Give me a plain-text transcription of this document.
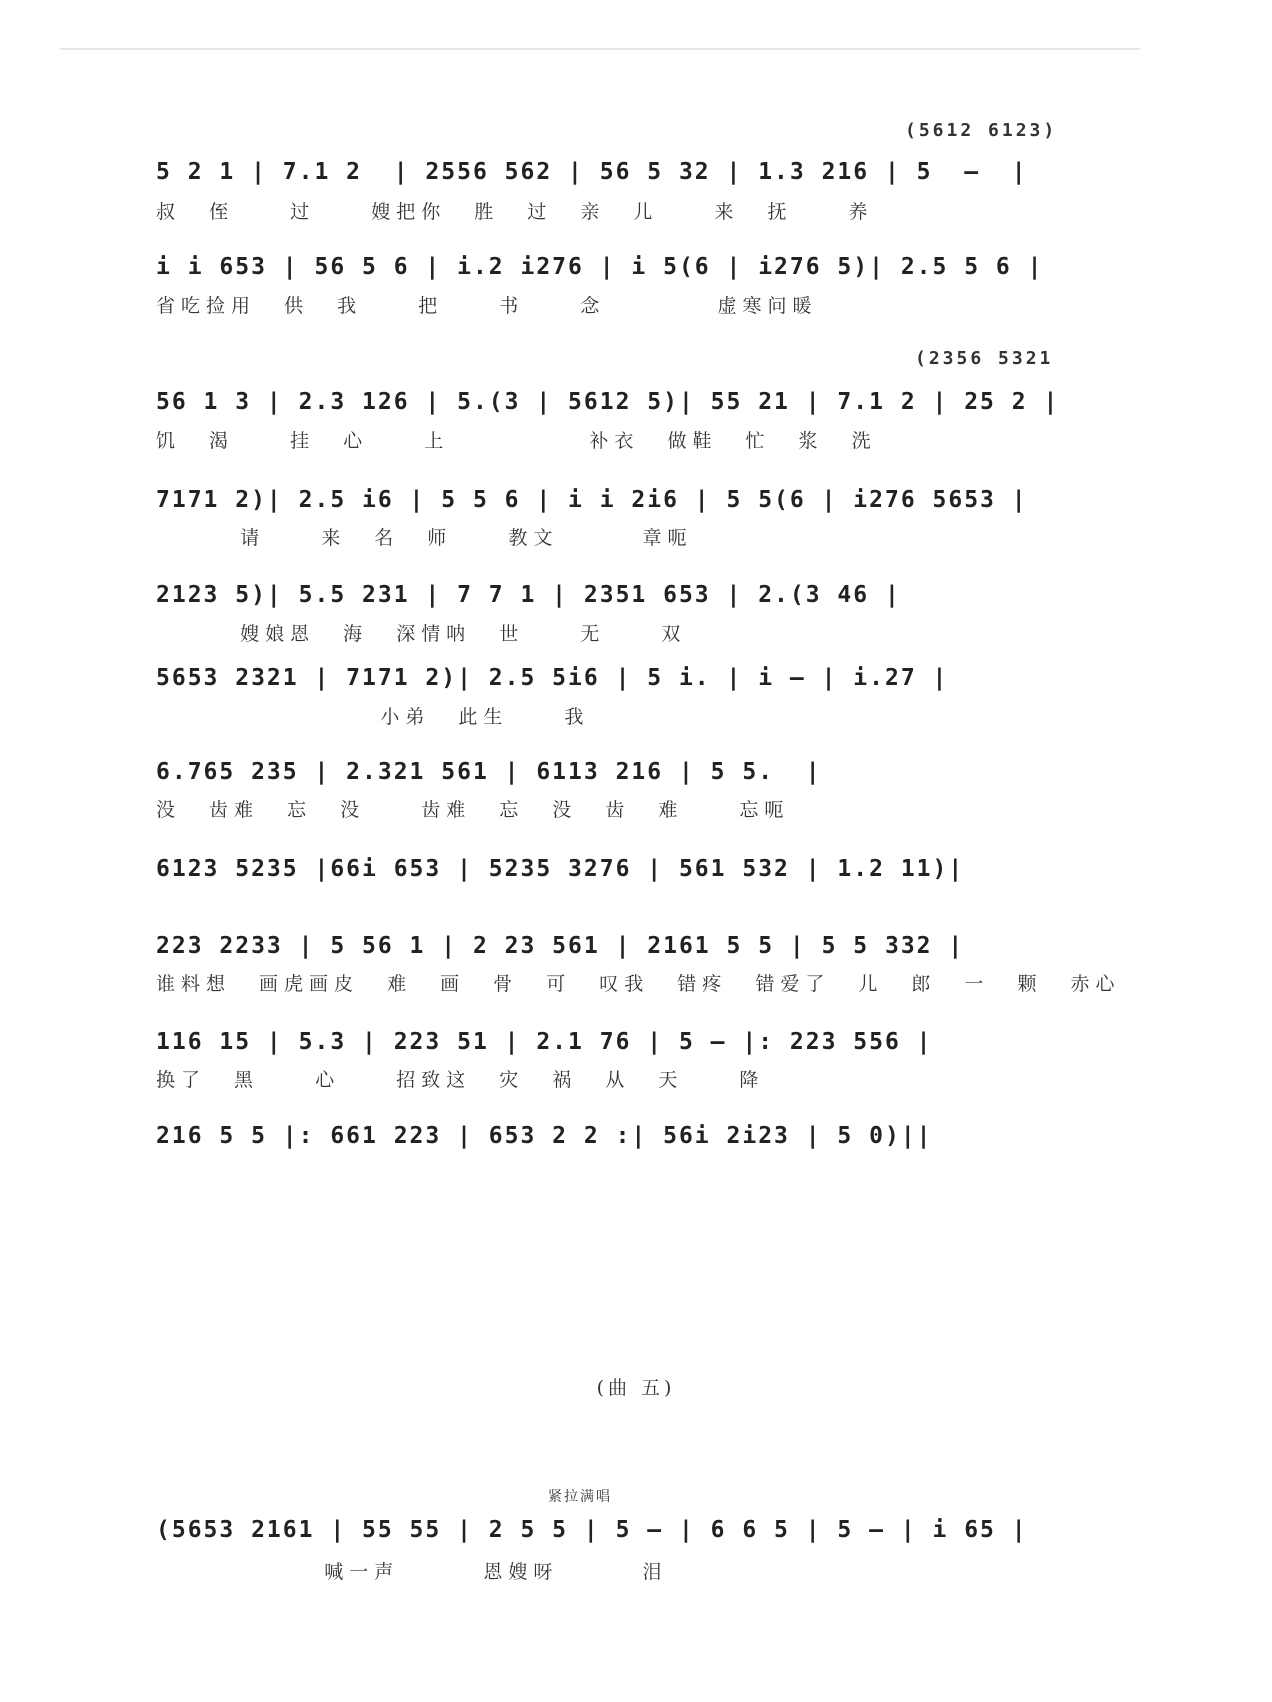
(5612 6123)
5 2 1 | 7.1 2  | 2556 562 | 56 5 32 | 1.3 216 | 5  —  |
叔 侄  过  嫂把你 胜 过 亲 儿  来 抚  养
i i 653 | 56 5 6 | i.2 i276 | i 5(6 | i276 5)| 2.5 5 6 |
省吃捡用 供 我  把  书  念    虚寒问暖
(2356 5321
56 1 3 | 2.3 126 | 5.(3 | 5612 5)| 55 21 | 7.1 2 | 25 2 |
饥 渴  挂 心  上     补衣 做鞋 忙 浆 洗
7171 2)| 2.5 i6 | 5 5 6 | i i 2i6 | 5 5(6 | i276 5653 |
请  来 名 师  教文   章呃
2123 5)| 5.5 231 | 7 7 1 | 2351 653 | 2.(3 46 |
嫂娘恩 海 深情呐 世  无  双
5653 2321 | 7171 2)| 2.5 5i6 | 5 i. | i — | i.27 |
小弟 此生  我
6.765 235 | 2.321 561 | 6113 216 | 5 5.  |
没 齿难 忘 没  齿难 忘 没 齿 难  忘呃
6123 5235 |66i 653 | 5235 3276 | 561 532 | 1.2 11)|
223 2233 | 5 56 1 | 2 23 561 | 2161 5 5 | 5 5 332 |
谁料想 画虎画皮 难 画 骨 可 叹我 错疼 错爱了 儿 郎 一 颗 赤心
116 15 | 5.3 | 223 51 | 2.1 76 | 5 — |: 223 556 |
换了 黑  心  招致这 灾 祸 从 天  降
216 5 5 |: 661 223 | 653 2 2 :| 56i 2i23 | 5 0)||
(曲 五)
紧拉满唱
(5653 2161 | 55 55 | 2 5 5 | 5 — | 6 6 5 | 5 — | i 65 |
喊一声   恩嫂呀   泪
